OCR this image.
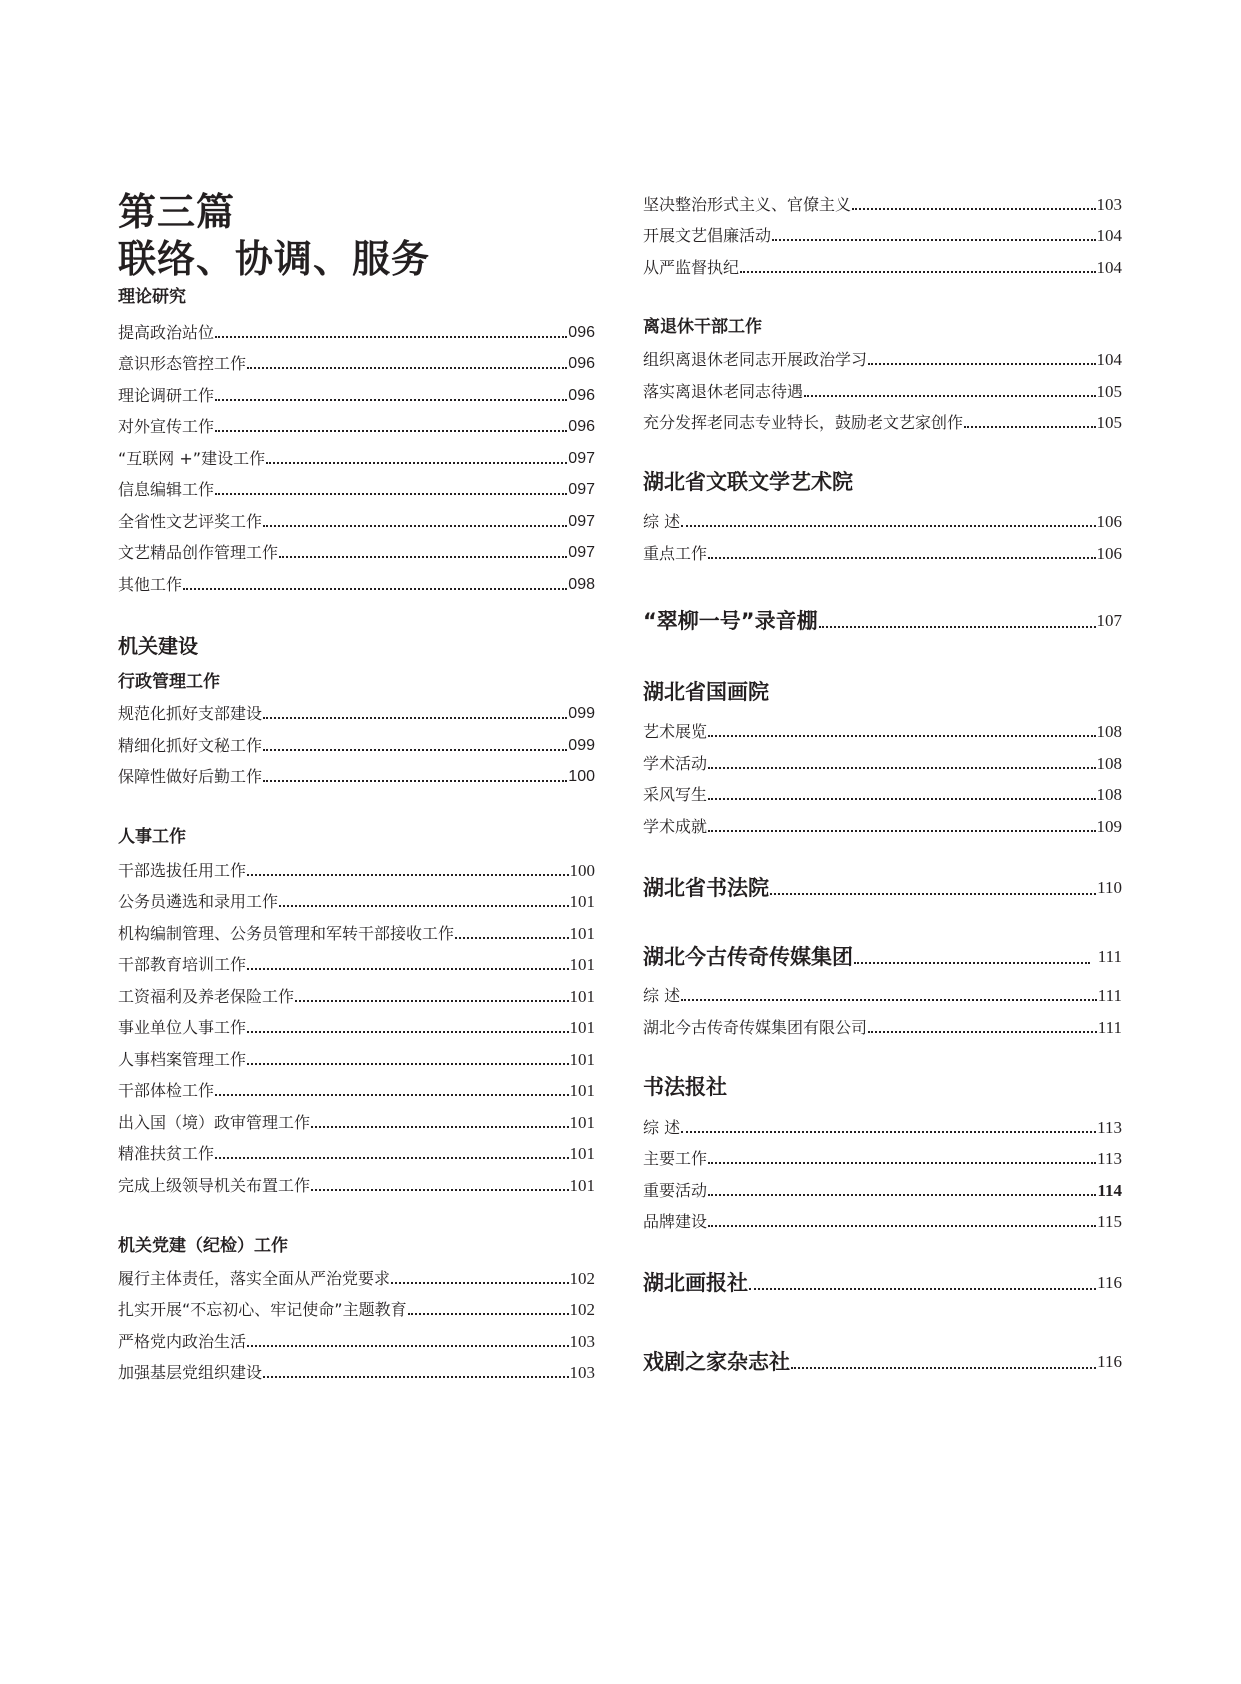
第三篇
联络、协调、服务
理论研究
提高政治站位	096
意识形态管控工作	096
理论调研工作	096
对外宣传工作	096
“互联网 +”建设工作	097
信息编辑工作	097
全省性文艺评奖工作	097
文艺精品创作管理工作	097
其他工作	098
机关建设
行政管理工作
规范化抓好支部建设	099
精细化抓好文秘工作	099
保障性做好后勤工作	100
人事工作
干部选拔任用工作	100
公务员遴选和录用工作	101
机构编制管理、公务员管理和军转干部接收工作	101
干部教育培训工作	101
工资福利及养老保险工作	101
事业单位人事工作	101
人事档案管理工作	101
干部体检工作	101
出入国（境）政审管理工作	101
精准扶贫工作	101
完成上级领导机关布置工作	101
机关党建（纪检）工作
履行主体责任，落实全面从严治党要求	102
扎实开展“不忘初心、牢记使命”主题教育	102
严格党内政治生活	103
加强基层党组织建设	103
坚决整治形式主义、官僚主义	103
开展文艺倡廉活动	104
从严监督执纪	104
离退休干部工作
组织离退休老同志开展政治学习	104
落实离退休老同志待遇	105
充分发挥老同志专业特长，鼓励老文艺家创作	105
湖北省文联文学艺术院
综 述	106
重点工作	106
“翠柳一号”录音棚	107
湖北省国画院
艺术展览	108
学术活动	108
采风写生	108
学术成就	109
湖北省书法院	110
湖北今古传奇传媒集团	111
综 述	111
湖北今古传奇传媒集团有限公司	111
书法报社
综 述	113
主要工作	113
重要活动	114
品牌建设	115
湖北画报社	116
戏剧之家杂志社	116
